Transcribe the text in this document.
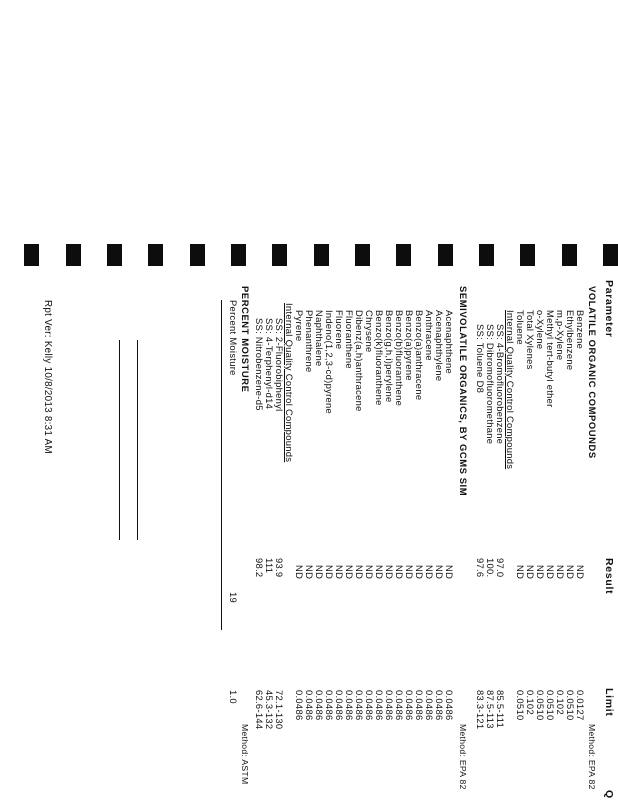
Parameter
Result
Limit
Q
VOLATILE ORGANIC COMPOUNDS
Method: EPA 82
Benzene
ND
0.0127
Ethylbenzene
ND
0.0510
m,p-Xylene
ND
0.102
Methyl tert-butyl ether
ND
0.0510
o-Xylene
ND
0.0510
Total Xylenes
ND
0.102
Toluene
ND
0.0510
Internal Quality Control Compounds
SS: 4-Bromofluorobenzene
97.0
85.5-111
SS: Dibromofluoromethane
100.
87.5-113
SS: Toluene D8
97.6
83.3-121
SEMIVOLATILE ORGANICS, BY GCMS SIM
Method: EPA 82
Acenaphthene
ND
0.0486
Acenaphthylene
ND
0.0486
Anthracene
ND
0.0486
Benzo(a)anthracene
ND
0.0486
Benzo(a)pyrene
ND
0.0486
Benzo(b)fluoranthene
ND
0.0486
Benzo(g,h,i)perylene
ND
0.0486
Benzo(k)fluoranthene
ND
0.0486
Chrysene
ND
0.0486
Dibenz(a,h)anthracene
ND
0.0486
Fluoranthene
ND
0.0486
Fluorene
ND
0.0486
Indeno(1,2,3-cd)pyrene
ND
0.0486
Naphthalene
ND
0.0486
Phenanthrene
ND
0.0486
Pyrene
ND
0.0486
Internal Quality Control Compounds
SS: 2-Fluorobiphenyl
93.9
72.1-130
SS: 4-Terphenyl-d14
111
45.3-132
SS: Nitrobenzene-d5
98.2
62.6-144
PERCENT MOISTURE
Method: ASTM
Percent Moisture
19
1.0
Rpt Ver: Kelly 10/8/2013 8:31 AM
